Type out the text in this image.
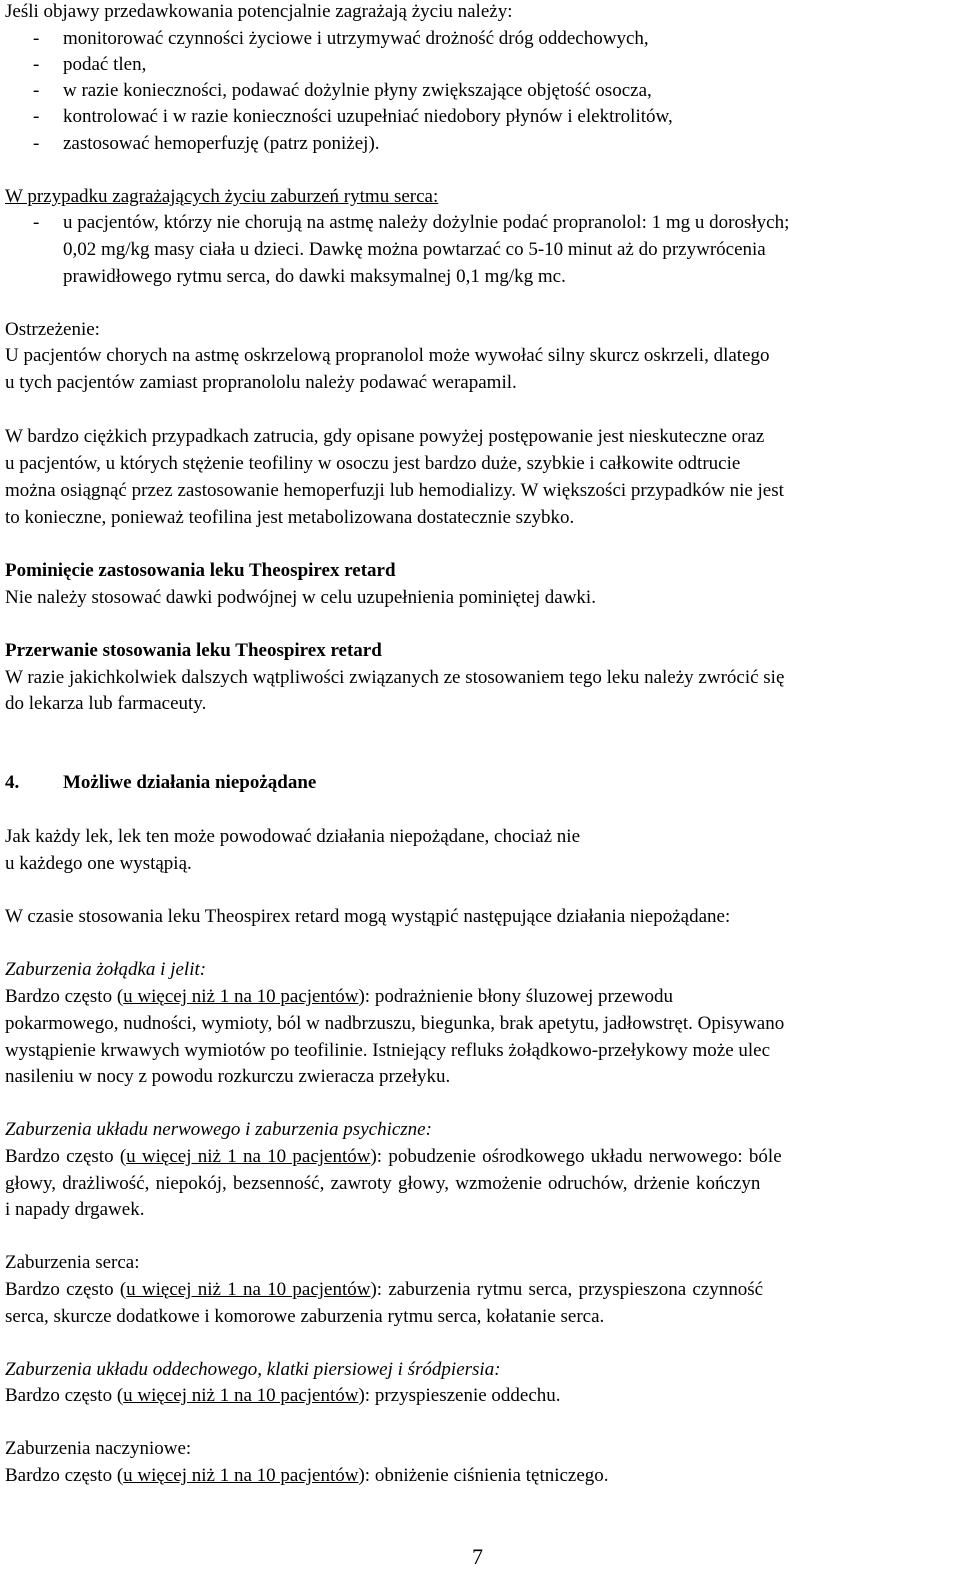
Jeśli objawy przedawkowania potencjalnie zagrażają życiu należy:
- monitorować czynności życiowe i utrzymywać drożność dróg oddechowych,
- podać tlen,
- w razie konieczności, podawać dożylnie płyny zwiększające objętość osocza,
- kontrolować i w razie konieczności uzupełniać niedobory płynów i elektrolitów,
- zastosować hemoperfuzję (patrz poniżej).
W przypadku zagrażających życiu zaburzeń rytmu serca:
- u pacjentów, którzy nie chorują na astmę należy dożylnie podać propranolol: 1 mg u dorosłych;
0,02 mg/kg masy ciała u dzieci. Dawkę można powtarzać co 5-10 minut aż do przywrócenia
prawidłowego rytmu serca, do dawki maksymalnej 0,1 mg/kg mc.
Ostrzeżenie:
U pacjentów chorych na astmę oskrzelową propranolol może wywołać silny skurcz oskrzeli, dlatego
u tych pacjentów zamiast propranololu należy podawać werapamil.
W bardzo ciężkich przypadkach zatrucia, gdy opisane powyżej postępowanie jest nieskuteczne oraz
u pacjentów, u których stężenie teofiliny w osoczu jest bardzo duże, szybkie i całkowite odtrucie
można osiągnąć przez zastosowanie hemoperfuzji lub hemodializy. W większości przypadków nie jest
to konieczne, ponieważ teofilina jest metabolizowana dostatecznie szybko.
Pominięcie zastosowania leku Theospirex retard
Nie należy stosować dawki podwójnej w celu uzupełnienia pominiętej dawki.
Przerwanie stosowania leku Theospirex retard
W razie jakichkolwiek dalszych wątpliwości związanych ze stosowaniem tego leku należy zwrócić się
do lekarza lub farmaceuty.
4. Możliwe działania niepożądane
Jak każdy lek, lek ten może powodować działania niepożądane, chociaż nie
u każdego one wystąpią.
W czasie stosowania leku Theospirex retard mogą wystąpić następujące działania niepożądane:
Zaburzenia żołądka i jelit:
Bardzo często (u więcej niż 1 na 10 pacjentów): podrażnienie błony śluzowej przewodu
pokarmowego, nudności, wymioty, ból w nadbrzuszu, biegunka, brak apetytu, jadłowstręt. Opisywano
wystąpienie krwawych wymiotów po teofilinie. Istniejący refluks żołądkowo-przełykowy może ulec
nasileniu w nocy z powodu rozkurczu zwieracza przełyku.
Zaburzenia układu nerwowego i zaburzenia psychiczne:
Bardzo często (u więcej niż 1 na 10 pacjentów): pobudzenie ośrodkowego układu nerwowego: bóle
głowy, drażliwość, niepokój, bezsenność, zawroty głowy, wzmożenie odruchów, drżenie kończyn
i napady drgawek.
Zaburzenia serca:
Bardzo często (u więcej niż 1 na 10 pacjentów): zaburzenia rytmu serca, przyspieszona czynność
serca, skurcze dodatkowe i komorowe zaburzenia rytmu serca, kołatanie serca.
Zaburzenia układu oddechowego, klatki piersiowej i śródpiersia:
Bardzo często (u więcej niż 1 na 10 pacjentów): przyspieszenie oddechu.
Zaburzenia naczyniowe:
Bardzo często (u więcej niż 1 na 10 pacjentów): obniżenie ciśnienia tętniczego.
7
